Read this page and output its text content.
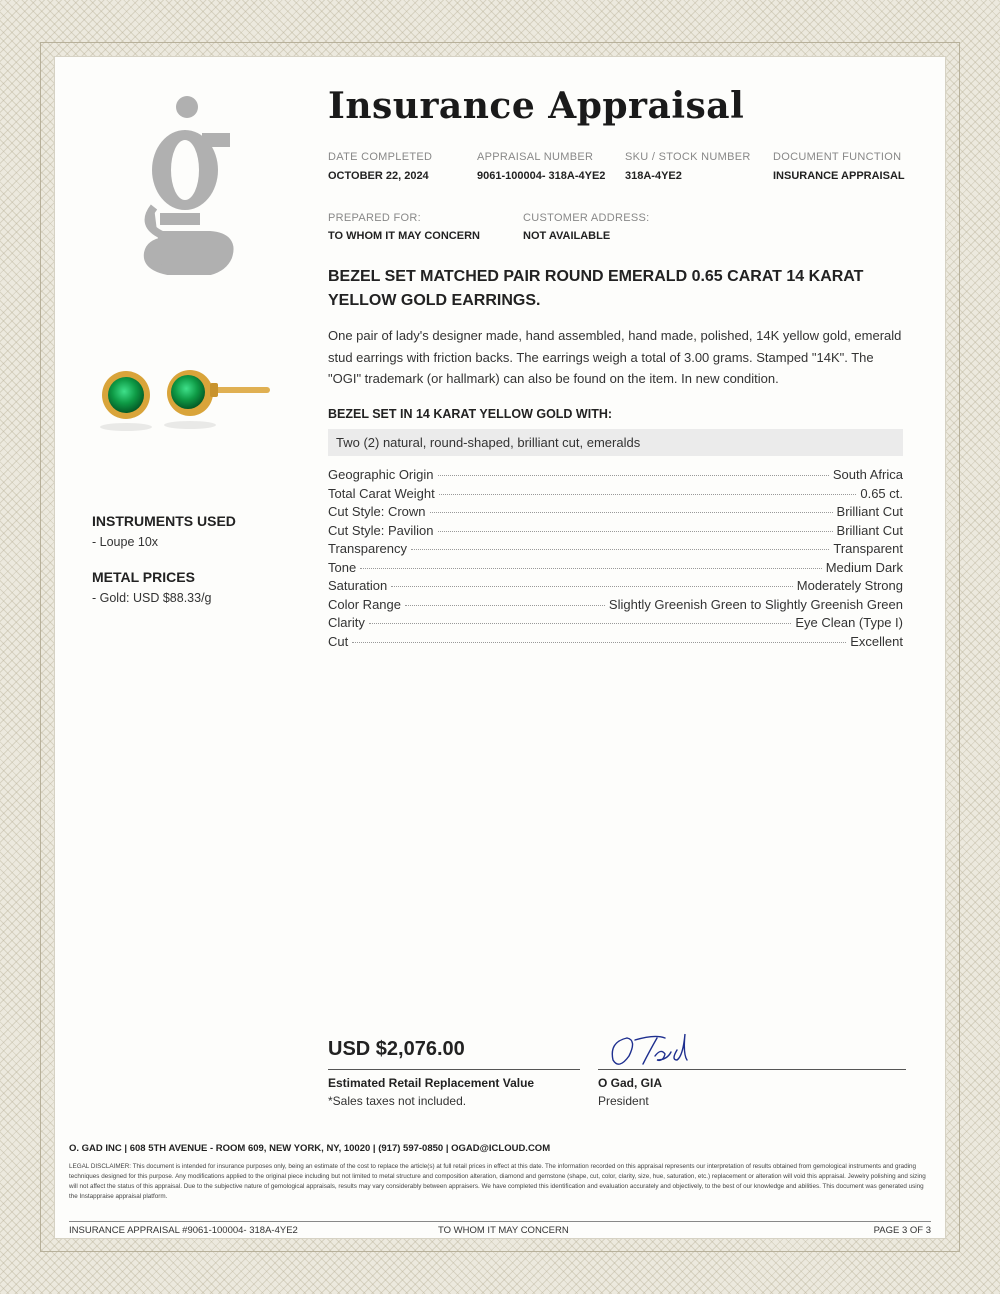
INSTRUMENTS USED
- Loupe 10x
METAL PRICES
- Gold: USD $88.33/g
Insurance Appraisal
DATE COMPLETED
OCTOBER 22, 2024
APPRAISAL NUMBER
9061-100004- 318A-4YE2
SKU / STOCK NUMBER
318A-4YE2
DOCUMENT FUNCTION
INSURANCE APPRAISAL
PREPARED FOR:
TO WHOM IT MAY CONCERN
CUSTOMER ADDRESS:
NOT AVAILABLE
BEZEL SET MATCHED PAIR ROUND EMERALD 0.65 CARAT 14 KARAT YELLOW GOLD EARRINGS.
One pair of lady's designer made, hand assembled, hand made, polished, 14K yellow gold, emerald stud earrings with friction backs. The earrings weigh a total of 3.00 grams. Stamped "14K". The "OGI" trademark (or hallmark) can also be found on the item. In new condition.
BEZEL SET IN 14 KARAT YELLOW GOLD WITH:
Two (2) natural, round-shaped, brilliant cut, emeralds
Geographic Origin	South Africa
Total Carat Weight	0.65 ct.
Cut Style: Crown	Brilliant Cut
Cut Style: Pavilion	Brilliant Cut
Transparency	Transparent
Tone	Medium Dark
Saturation	Moderately Strong
Color Range	Slightly Greenish Green to Slightly Greenish Green
Clarity	Eye Clean (Type I)
Cut	Excellent
USD $2,076.00
Estimated Retail Replacement Value
*Sales taxes not included.
O Gad, GIA
President
O. GAD INC | 608 5TH AVENUE - ROOM 609, NEW YORK, NY, 10020 | (917) 597-0850 | OGAD@ICLOUD.COM
LEGAL DISCLAIMER: This document is intended for insurance purposes only, being an estimate of the cost to replace the article(s) at full retail prices in effect at this date. The information recorded on this appraisal represents our interpretation of results obtained from gemological instruments and grading techniques designed for this purpose. Any modifications applied to the original piece including but not limited to metal structure and composition alteration, diamond and gemstone (shape, cut, color, clarity, size, hue, saturation, etc.) replacement or alteration will void this appraisal. Jewelry polishing and sizing will not affect the status of this appraisal. Due to the subjective nature of gemological appraisals, results may vary considerably between appraisers. We have completed this identification and evaluation accurately and objectively, to the best of our knowledge and abilities. This document was generated using the Instappraise appraisal platform.
INSURANCE APPRAISAL #9061-100004- 318A-4YE2	TO WHOM IT MAY CONCERN	PAGE 3 OF 3
